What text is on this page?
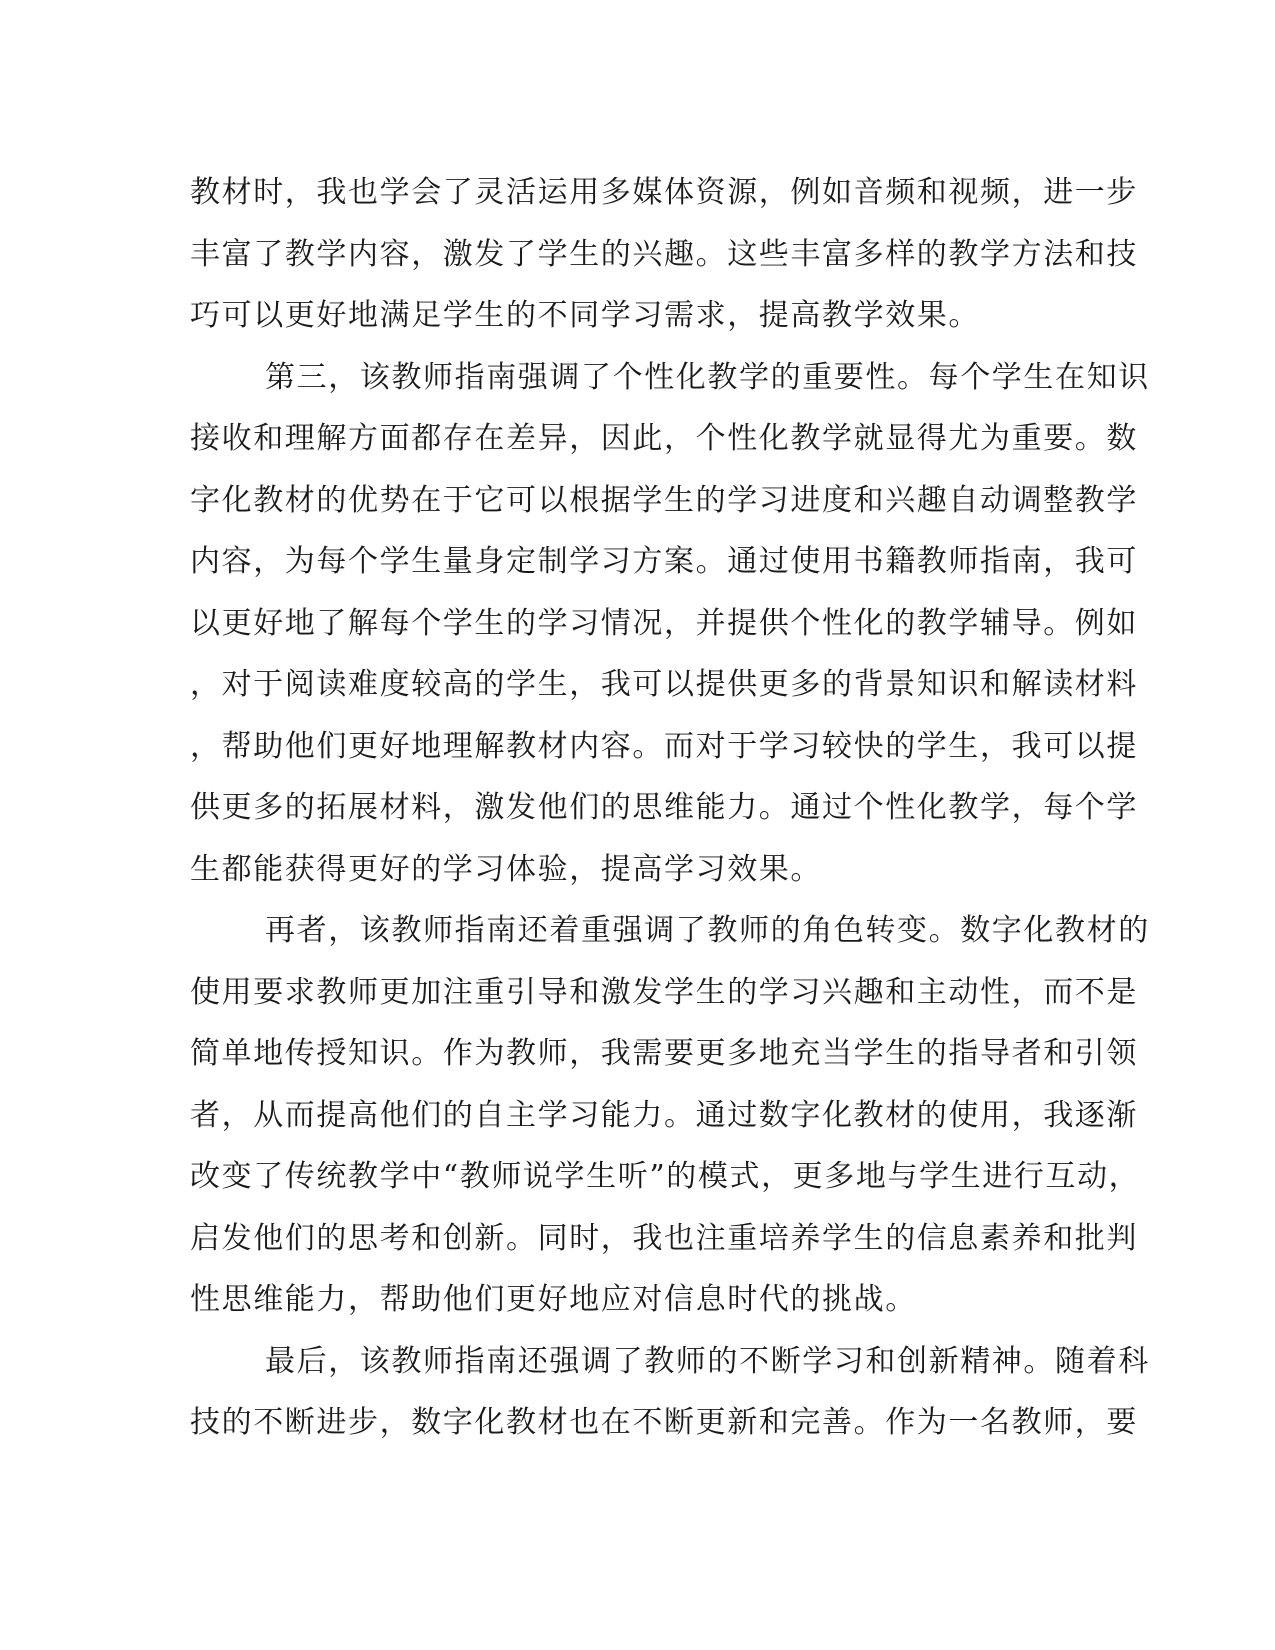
教材时，我也学会了灵活运用多媒体资源，例如音频和视频，进一步
丰富了教学内容，激发了学生的兴趣。这些丰富多样的教学方法和技
巧可以更好地满足学生的不同学习需求，提高教学效果。
第三，该教师指南强调了个性化教学的重要性。每个学生在知识
接收和理解方面都存在差异，因此，个性化教学就显得尤为重要。数
字化教材的优势在于它可以根据学生的学习进度和兴趣自动调整教学
内容，为每个学生量身定制学习方案。通过使用书籍教师指南，我可
以更好地了解每个学生的学习情况，并提供个性化的教学辅导。例如
，对于阅读难度较高的学生，我可以提供更多的背景知识和解读材料
，帮助他们更好地理解教材内容。而对于学习较快的学生，我可以提
供更多的拓展材料，激发他们的思维能力。通过个性化教学，每个学
生都能获得更好的学习体验，提高学习效果。
再者，该教师指南还着重强调了教师的角色转变。数字化教材的
使用要求教师更加注重引导和激发学生的学习兴趣和主动性，而不是
简单地传授知识。作为教师，我需要更多地充当学生的指导者和引领
者，从而提高他们的自主学习能力。通过数字化教材的使用，我逐渐
改变了传统教学中“教师说学生听”的模式，更多地与学生进行互动，
启发他们的思考和创新。同时，我也注重培养学生的信息素养和批判
性思维能力，帮助他们更好地应对信息时代的挑战。
最后，该教师指南还强调了教师的不断学习和创新精神。随着科
技的不断进步，数字化教材也在不断更新和完善。作为一名教师，要
